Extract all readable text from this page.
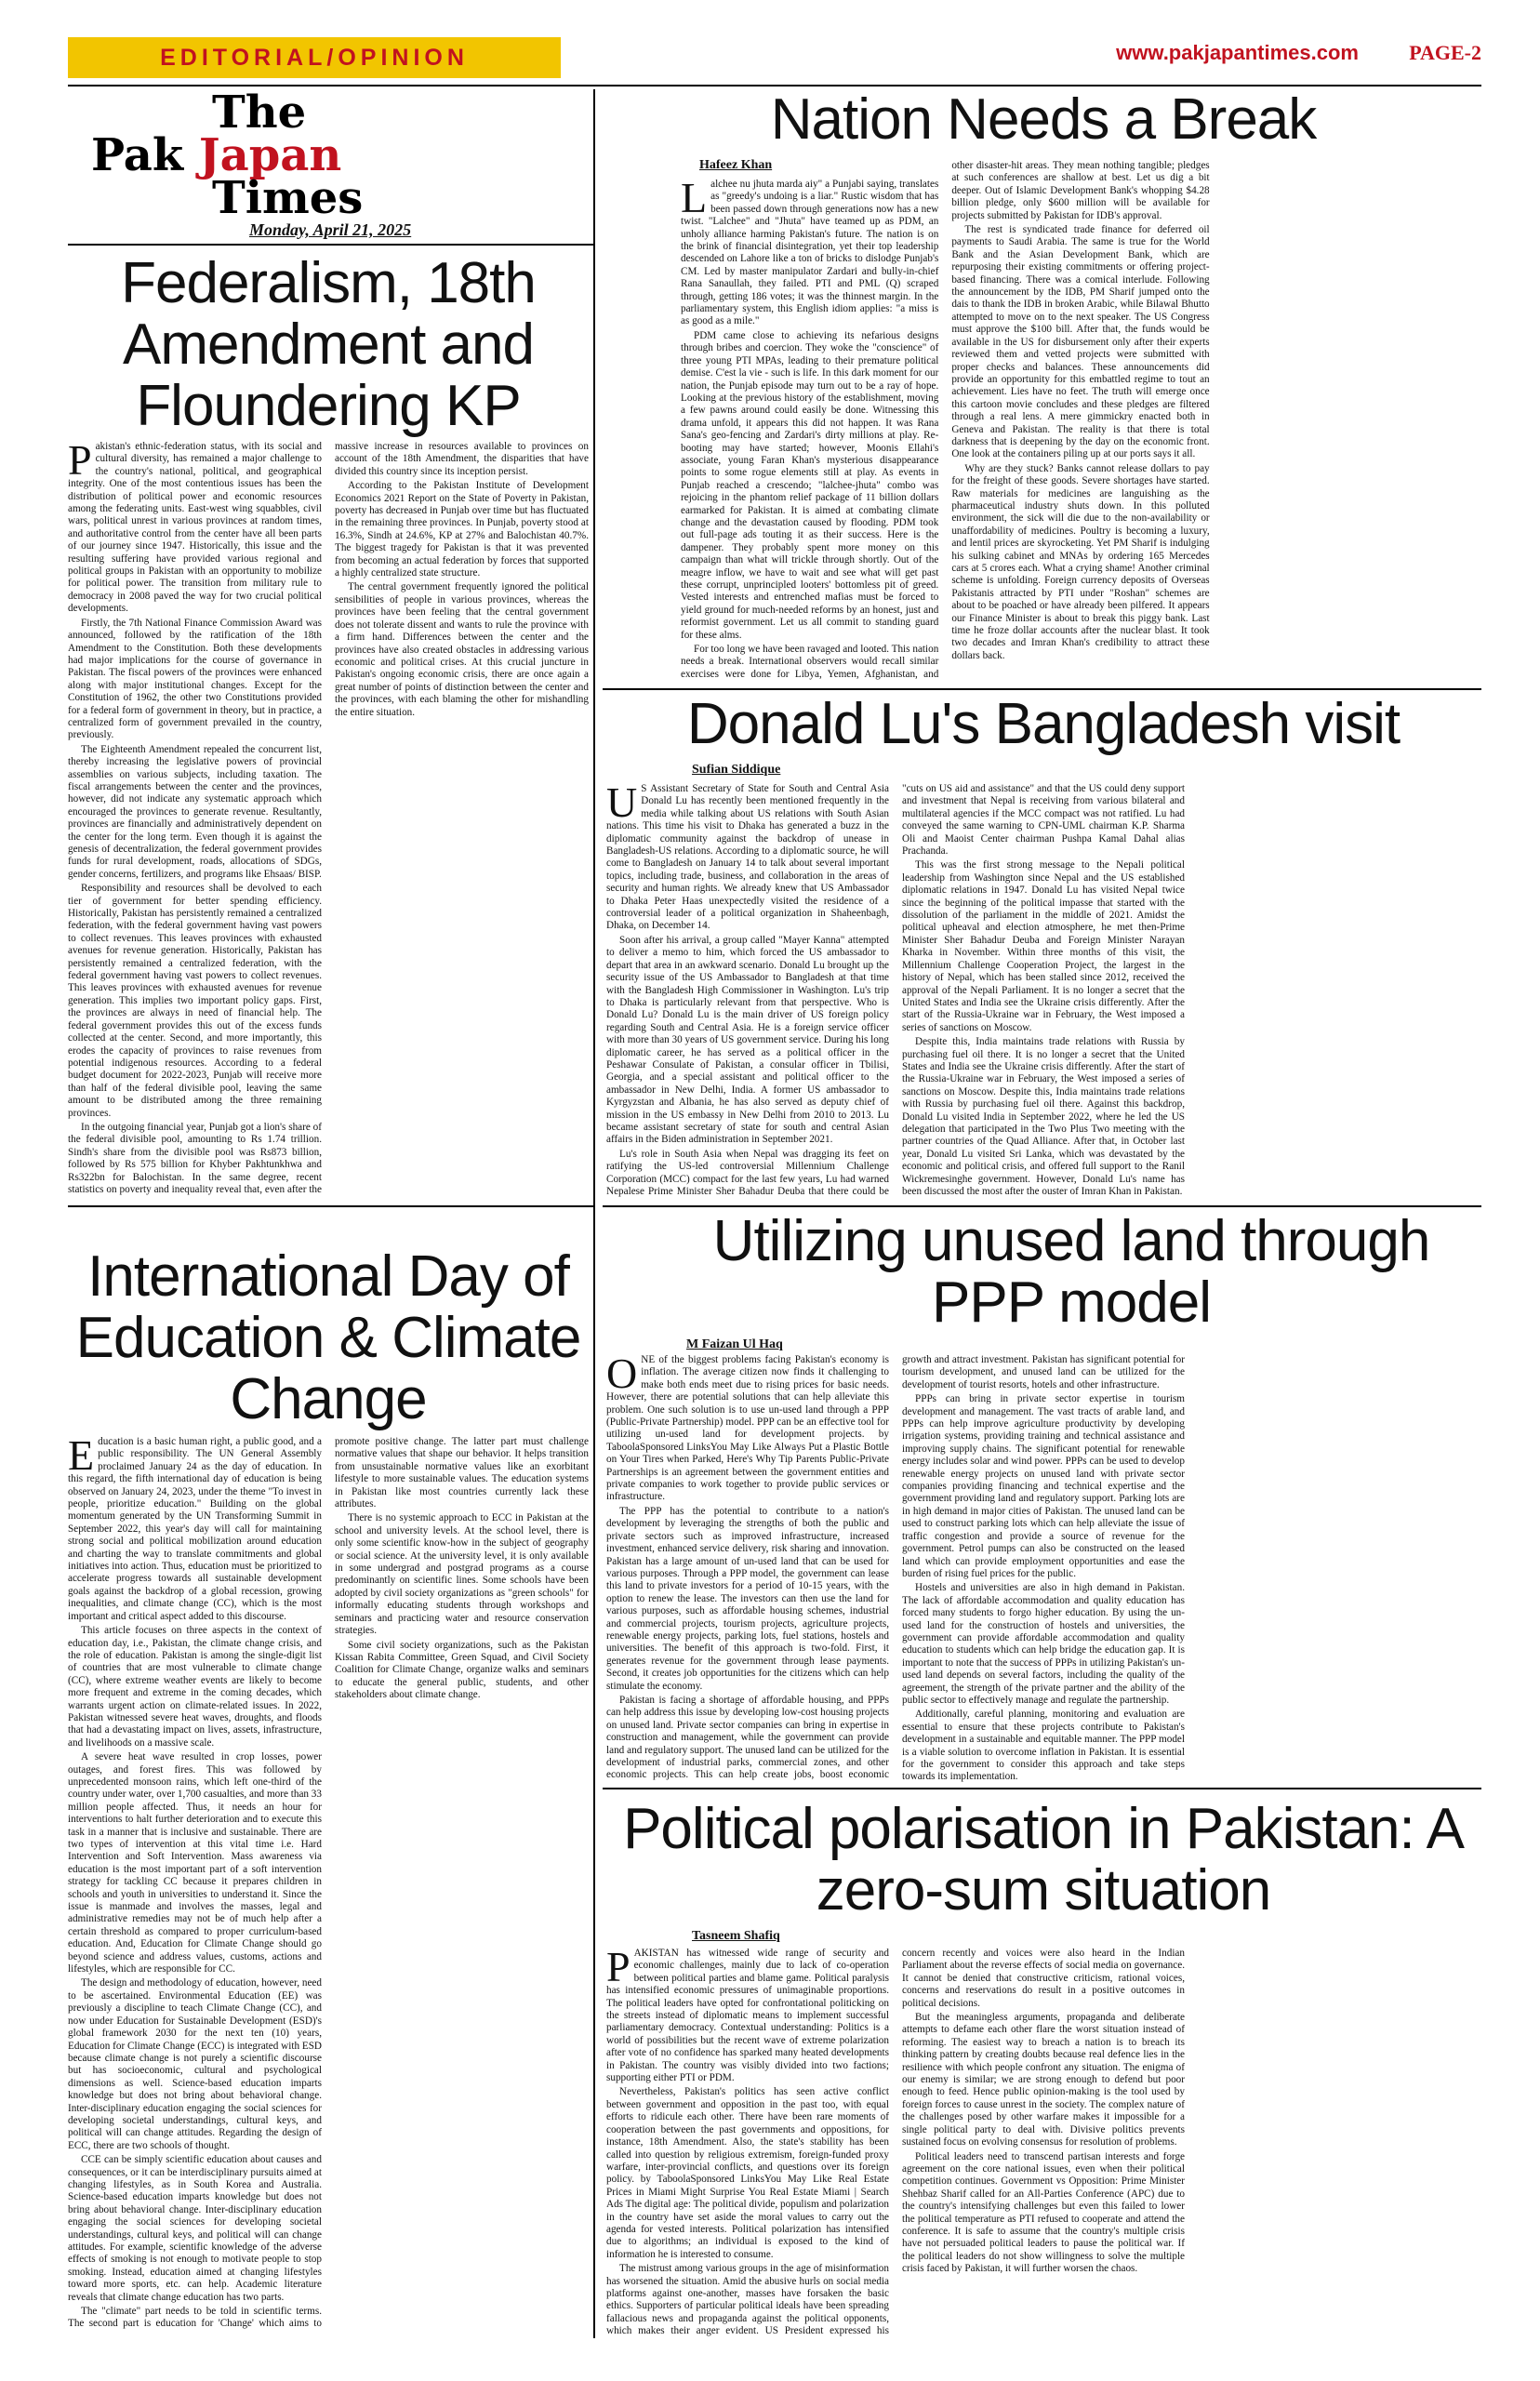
EDITORIAL/OPINION	www.pakjapantimes.com PAGE-2
The
Pak Japan
Times
Monday, April 21, 2025
Federalism, 18th Amendment and Floundering KP

Pakistan's ethnic-federation status, with its social and cultural diversity, has remained a major challenge to the country's national, political, and geographical integrity. One of the most contentious issues has been the distribution of political power and economic resources among the federating units. East-west wing squabbles, civil wars, political unrest in various provinces at random times, and authoritative control from the center have all been parts of our journey since 1947. Historically, this issue and the resulting suffering have provided various regional and political groups in Pakistan with an opportunity to mobilize for political power. The transition from military rule to democracy in 2008 paved the way for two crucial political developments.

Firstly, the 7th National Finance Commission Award was announced, followed by the ratification of the 18th Amendment to the Constitution. Both these developments had major implications for the course of governance in Pakistan. The fiscal powers of the provinces were enhanced along with major institutional changes. Except for the Constitution of 1962, the other two Constitutions provided for a federal form of government in theory, but in practice, a centralized form of government prevailed in the country, previously.

The Eighteenth Amendment repealed the concurrent list, thereby increasing the legislative powers of provincial assemblies on various subjects, including taxation. The fiscal arrangements between the center and the provinces, however, did not indicate any systematic approach which encouraged the provinces to generate revenue. Resultantly, provinces are financially and administratively dependent on the center for the long term. Even though it is against the genesis of decentralization, the federal government provides funds for rural development, roads, allocations of SDGs, gender concerns, fertilizers, and programs like Ehsaas/ BISP.

Responsibility and resources shall be devolved to each tier of government for better spending efficiency. Historically, Pakistan has persistently remained a centralized federation, with the federal government having vast powers to collect revenues. This leaves provinces with exhausted avenues for revenue generation. Historically, Pakistan has persistently remained a centralized federation, with the federal government having vast powers to collect revenues. This leaves provinces with exhausted avenues for revenue generation. This implies two important policy gaps. First, the provinces are always in need of financial help. The federal government provides this out of the excess funds collected at the center. Second, and more importantly, this erodes the capacity of provinces to raise revenues from potential indigenous resources. According to a federal budget document for 2022-2023, Punjab will receive more than half of the federal divisible pool, leaving the same amount to be distributed among the three remaining provinces.

In the outgoing financial year, Punjab got a lion's share of the federal divisible pool, amounting to Rs 1.74 trillion. Sindh's share from the divisible pool was Rs873 billion, followed by Rs 575 billion for Khyber Pakhtunkhwa and Rs322bn for Balochistan. In the same degree, recent statistics on poverty and inequality reveal that, even after the massive increase in resources available to provinces on account of the 18th Amendment, the disparities that have divided this country since its inception persist.

According to the Pakistan Institute of Development Economics 2021 Report on the State of Poverty in Pakistan, poverty has decreased in Punjab over time but has fluctuated in the remaining three provinces. In Punjab, poverty stood at 16.3%, Sindh at 24.6%, KP at 27% and Balochistan 40.7%. The biggest tragedy for Pakistan is that it was prevented from becoming an actual federation by forces that supported a highly centralized state structure.

The central government frequently ignored the political sensibilities of people in various provinces, whereas the provinces have been feeling that the central government does not tolerate dissent and wants to rule the province with a firm hand. Differences between the center and the provinces have also created obstacles in addressing various economic and political crises. At this crucial juncture in Pakistan's ongoing economic crisis, there are once again a great number of points of distinction between the center and the provinces, with each blaming the other for mishandling the entire situation.

Nation Needs a Break
Hafeez Khan

Lalchee nu jhuta marda aiy" a Punjabi saying, translates as "greedy's undoing is a liar." Rustic wisdom that has been passed down through generations now has a new twist. "Lalchee" and "Jhuta" have teamed up as PDM, an unholy alliance harming Pakistan's future. The nation is on the brink of financial disintegration, yet their top leadership descended on Lahore like a ton of bricks to dislodge Punjab's CM. Led by master manipulator Zardari and bully-in-chief Rana Sanaullah, they failed. PTI and PML (Q) scraped through, getting 186 votes; it was the thinnest margin. In the parliamentary system, this English idiom applies: "a miss is as good as a mile."

PDM came close to achieving its nefarious designs through bribes and coercion. They woke the "conscience" of three young PTI MPAs, leading to their premature political demise. C'est la vie - such is life. In this dark moment for our nation, the Punjab episode may turn out to be a ray of hope. Looking at the previous history of the establishment, moving a few pawns around could easily be done. Witnessing this drama unfold, it appears this did not happen. It was Rana Sana's geo-fencing and Zardari's dirty millions at play. Re-booting may have started; however, Moonis Ellahi's associate, young Faran Khan's mysterious disappearance points to some rogue elements still at play. As events in Punjab reached a crescendo; "lalchee-jhuta" combo was rejoicing in the phantom relief package of 11 billion dollars earmarked for Pakistan. It is aimed at combating climate change and the devastation caused by flooding. PDM took out full-page ads touting it as their success. Here is the dampener. They probably spent more money on this campaign than what will trickle through shortly. Out of the meagre inflow, we have to wait and see what will get past these corrupt, unprincipled looters' bottomless pit of greed. Vested interests and entrenched mafias must be forced to yield ground for much-needed reforms by an honest, just and reformist government. Let us all commit to standing guard for these alms.

For too long we have been ravaged and looted. This nation needs a break. International observers would recall similar exercises were done for Libya, Yemen, Afghanistan, and other disaster-hit areas. They mean nothing tangible; pledges at such conferences are shallow at best. Let us dig a bit deeper. Out of Islamic Development Bank's whopping $4.28 billion pledge, only $600 million will be available for projects submitted by Pakistan for IDB's approval.

The rest is syndicated trade finance for deferred oil payments to Saudi Arabia. The same is true for the World Bank and the Asian Development Bank, which are repurposing their existing commitments or offering project-based financing. There was a comical interlude. Following the announcement by the IDB, PM Sharif jumped onto the dais to thank the IDB in broken Arabic, while Bilawal Bhutto attempted to move on to the next speaker. The US Congress must approve the $100 bill. After that, the funds would be available in the US for disbursement only after their experts reviewed them and vetted projects were submitted with proper checks and balances. These announcements did provide an opportunity for this embattled regime to tout an achievement. Lies have no feet. The truth will emerge once this cartoon movie concludes and these pledges are filtered through a real lens. A mere gimmickry enacted both in Geneva and Pakistan. The reality is that there is total darkness that is deepening by the day on the economic front. One look at the containers piling up at our ports says it all.

Why are they stuck? Banks cannot release dollars to pay for the freight of these goods. Severe shortages have started. Raw materials for medicines are languishing as the pharmaceutical industry shuts down. In this polluted environment, the sick will die due to the non-availability or unaffordability of medicines. Poultry is becoming a luxury, and lentil prices are skyrocketing. Yet PM Sharif is indulging his sulking cabinet and MNAs by ordering 165 Mercedes cars at 5 crores each. What a crying shame! Another criminal scheme is unfolding. Foreign currency deposits of Overseas Pakistanis attracted by PTI under "Roshan" schemes are about to be poached or have already been pilfered. It appears our Finance Minister is about to break this piggy bank. Last time he froze dollar accounts after the nuclear blast. It took two decades and Imran Khan's credibility to attract these dollars back.

Donald Lu's Bangladesh visit
Sufian Siddique

U S Assistant Secretary of State for South and Central Asia Donald Lu has recently been mentioned frequently in the media while talking about US relations with South Asian nations. This time his visit to Dhaka has generated a buzz in the diplomatic community against the backdrop of unease in Bangladesh-US relations. According to a diplomatic source, he will come to Bangladesh on January 14 to talk about several important topics, including trade, business, and collaboration in the areas of security and human rights. We already knew that US Ambassador to Dhaka Peter Haas unexpectedly visited the residence of a controversial leader of a political organization in Shaheenbagh, Dhaka, on December 14.

Soon after his arrival, a group called "Mayer Kanna" attempted to deliver a memo to him, which forced the US ambassador to depart that area in an awkward scenario. Donald Lu brought up the security issue of the US Ambassador to Bangladesh at that time with the Bangladesh High Commissioner in Washington. Lu's trip to Dhaka is particularly relevant from that perspective. Who is Donald Lu? Donald Lu is the main driver of US foreign policy regarding South and Central Asia. He is a foreign service officer with more than 30 years of US government service. During his long diplomatic career, he has served as a political officer in the Peshawar Consulate of Pakistan, a consular officer in Tbilisi, Georgia, and a special assistant and political officer to the ambassador in New Delhi, India. A former US ambassador to Kyrgyzstan and Albania, he has also served as deputy chief of mission in the US embassy in New Delhi from 2010 to 2013. Lu became assistant secretary of state for south and central Asian affairs in the Biden administration in September 2021.

Lu's role in South Asia when Nepal was dragging its feet on ratifying the US-led controversial Millennium Challenge Corporation (MCC) compact for the last few years, Lu had warned Nepalese Prime Minister Sher Bahadur Deuba that there could be "cuts on US aid and assistance" and that the US could deny support and investment that Nepal is receiving from various bilateral and multilateral agencies if the MCC compact was not ratified. Lu had conveyed the same warning to CPN-UML chairman K.P. Sharma Oli and Maoist Center chairman Pushpa Kamal Dahal alias Prachanda.

This was the first strong message to the Nepali political leadership from Washington since Nepal and the US established diplomatic relations in 1947. Donald Lu has visited Nepal twice since the beginning of the political impasse that started with the dissolution of the parliament in the middle of 2021. Amidst the political upheaval and election atmosphere, he met then-Prime Minister Sher Bahadur Deuba and Foreign Minister Narayan Kharka in November. Within three months of this visit, the Millennium Challenge Cooperation Project, the largest in the history of Nepal, which has been stalled since 2012, received the approval of the Nepali Parliament. It is no longer a secret that the United States and India see the Ukraine crisis differently. After the start of the Russia-Ukraine war in February, the West imposed a series of sanctions on Moscow.

Despite this, India maintains trade relations with Russia by purchasing fuel oil there. It is no longer a secret that the United States and India see the Ukraine crisis differently. After the start of the Russia-Ukraine war in February, the West imposed a series of sanctions on Moscow. Despite this, India maintains trade relations with Russia by purchasing fuel oil there. Against this backdrop, Donald Lu visited India in September 2022, where he led the US delegation that participated in the Two Plus Two meeting with the partner countries of the Quad Alliance. After that, in October last year, Donald Lu visited Sri Lanka, which was devastated by the economic and political crisis, and offered full support to the Ranil Wickremesinghe government. However, Donald Lu's name has been discussed the most after the ouster of Imran Khan in Pakistan.

International Day of Education & Climate Change

Education is a basic human right, a public good, and a public responsibility. The UN General Assembly proclaimed January 24 as the day of education. In this regard, the fifth international day of education is being observed on January 24, 2023, under the theme "To invest in people, prioritize education." Building on the global momentum generated by the UN Transforming Summit in September 2022, this year's day will call for maintaining strong social and political mobilization around education and charting the way to translate commitments and global initiatives into action. Thus, education must be prioritized to accelerate progress towards all sustainable development goals against the backdrop of a global recession, growing inequalities, and climate change (CC), which is the most important and critical aspect added to this discourse.

This article focuses on three aspects in the context of education day, i.e., Pakistan, the climate change crisis, and the role of education. Pakistan is among the single-digit list of countries that are most vulnerable to climate change (CC), where extreme weather events are likely to become more frequent and extreme in the coming decades, which warrants urgent action on climate-related issues. In 2022, Pakistan witnessed severe heat waves, droughts, and floods that had a devastating impact on lives, assets, infrastructure, and livelihoods on a massive scale.

A severe heat wave resulted in crop losses, power outages, and forest fires. This was followed by unprecedented monsoon rains, which left one-third of the country under water, over 1,700 casualties, and more than 33 million people affected. Thus, it needs an hour for interventions to halt further deterioration and to execute this task in a manner that is inclusive and sustainable. There are two types of intervention at this vital time i.e. Hard Intervention and Soft Intervention. Mass awareness via education is the most important part of a soft intervention strategy for tackling CC because it prepares children in schools and youth in universities to understand it. Since the issue is manmade and involves the masses, legal and administrative remedies may not be of much help after a certain threshold as compared to proper curriculum-based education. And, Education for Climate Change should go beyond science and address values, customs, actions and lifestyles, which are responsible for CC.

The design and methodology of education, however, need to be ascertained. Environmental Education (EE) was previously a discipline to teach Climate Change (CC), and now under Education for Sustainable Development (ESD)'s global framework 2030 for the next ten (10) years, Education for Climate Change (ECC) is integrated with ESD because climate change is not purely a scientific discourse but has socioeconomic, cultural and psychological dimensions as well. Science-based education imparts knowledge but does not bring about behavioral change. Inter-disciplinary education engaging the social sciences for developing societal understandings, cultural keys, and political will can change attitudes. Regarding the design of ECC, there are two schools of thought.

CCE can be simply scientific education about causes and consequences, or it can be interdisciplinary pursuits aimed at changing lifestyles, as in South Korea and Australia. Science-based education imparts knowledge but does not bring about behavioral change. Inter-disciplinary education engaging the social sciences for developing societal understandings, cultural keys, and political will can change attitudes. For example, scientific knowledge of the adverse effects of smoking is not enough to motivate people to stop smoking. Instead, education aimed at changing lifestyles toward more sports, etc. can help. Academic literature reveals that climate change education has two parts.

The "climate" part needs to be told in scientific terms. The second part is education for 'Change' which aims to promote positive change. The latter part must challenge normative values that shape our behavior. It helps transition from unsustainable normative values like an exorbitant lifestyle to more sustainable values. The education systems in Pakistan like most countries currently lack these attributes.

There is no systemic approach to ECC in Pakistan at the school and university levels. At the school level, there is only some scientific know-how in the subject of geography or social science. At the university level, it is only available in some undergrad and postgrad programs as a course predominantly on scientific lines. Some schools have been adopted by civil society organizations as "green schools" for informally educating students through workshops and seminars and practicing water and resource conservation strategies.

Some civil society organizations, such as the Pakistan Kissan Rabita Committee, Green Squad, and Civil Society Coalition for Climate Change, organize walks and seminars to educate the general public, students, and other stakeholders about climate change.

Utilizing unused land through PPP model
M Faizan Ul Haq

ONE of the biggest problems facing Pakistan's economy is inflation. The average citizen now finds it challenging to make both ends meet due to rising prices for basic needs. However, there are potential solutions that can help alleviate this problem. One such solution is to use un-used land through a PPP (Public-Private Partnership) model. PPP can be an effective tool for utilizing un-used land for development projects. by TaboolaSponsored LinksYou May Like Always Put a Plastic Bottle on Your Tires when Parked, Here's Why Tip Parents Public-Private Partnerships is an agreement between the government entities and private companies to work together to provide public services or infrastructure.

The PPP has the potential to contribute to a nation's development by leveraging the strengths of both the public and private sectors such as improved infrastructure, increased investment, enhanced service delivery, risk sharing and innovation. Pakistan has a large amount of un-used land that can be used for various purposes. Through a PPP model, the government can lease this land to private investors for a period of 10-15 years, with the option to renew the lease. The investors can then use the land for various purposes, such as affordable housing schemes, industrial and commercial projects, tourism projects, agriculture projects, renewable energy projects, parking lots, fuel stations, hostels and universities. The benefit of this approach is two-fold. First, it generates revenue for the government through lease payments. Second, it creates job opportunities for the citizens which can help stimulate the economy.

Pakistan is facing a shortage of affordable housing, and PPPs can help address this issue by developing low-cost housing projects on unused land. Private sector companies can bring in expertise in construction and management, while the government can provide land and regulatory support. The unused land can be utilized for the development of industrial parks, commercial zones, and other economic projects. This can help create jobs, boost economic growth and attract investment. Pakistan has significant potential for tourism development, and unused land can be utilized for the development of tourist resorts, hotels and other infrastructure.

PPPs can bring in private sector expertise in tourism development and management. The vast tracts of arable land, and PPPs can help improve agriculture productivity by developing irrigation systems, providing training and technical assistance and improving supply chains. The significant potential for renewable energy includes solar and wind power. PPPs can be used to develop renewable energy projects on unused land with private sector companies providing financing and technical expertise and the government providing land and regulatory support. Parking lots are in high demand in major cities of Pakistan. The unused land can be used to construct parking lots which can help alleviate the issue of traffic congestion and provide a source of revenue for the government. Petrol pumps can also be constructed on the leased land which can provide employment opportunities and ease the burden of rising fuel prices for the public.

Hostels and universities are also in high demand in Pakistan. The lack of affordable accommodation and quality education has forced many students to forgo higher education. By using the un-used land for the construction of hostels and universities, the government can provide affordable accommodation and quality education to students which can help bridge the education gap. It is important to note that the success of PPPs in utilizing Pakistan's un-used land depends on several factors, including the quality of the agreement, the strength of the private partner and the ability of the public sector to effectively manage and regulate the partnership.

Additionally, careful planning, monitoring and evaluation are essential to ensure that these projects contribute to Pakistan's development in a sustainable and equitable manner. The PPP model is a viable solution to overcome inflation in Pakistan. It is essential for the government to consider this approach and take steps towards its implementation.

Political polarisation in Pakistan: A zero-sum situation
Tasneem Shafiq

PAKISTAN has witnessed wide range of security and economic challenges, mainly due to lack of co-operation between political parties and blame game. Political paralysis has intensified economic pressures of unimaginable proportions. The political leaders have opted for confrontational politicking on the streets instead of diplomatic means to implement successful parliamentary democracy. Contextual understanding: Politics is a world of possibilities but the recent wave of extreme polarization after vote of no confidence has sparked many heated developments in Pakistan. The country was visibly divided into two factions; supporting either PTI or PDM.

Nevertheless, Pakistan's politics has seen active conflict between government and opposition in the past too, with equal efforts to ridicule each other. There have been rare moments of cooperation between the past governments and oppositions, for instance, 18th Amendment. Also, the state's stability has been called into question by religious extremism, foreign-funded proxy warfare, inter-provincial conflicts, and questions over its foreign policy. by TaboolaSponsored LinksYou May Like Real Estate Prices in Miami Might Surprise You Real Estate Miami | Search Ads The digital age: The political divide, populism and polarization in the country have set aside the moral values to carry out the agenda for vested interests. Political polarization has intensified due to algorithms; an individual is exposed to the kind of information he is interested to consume.

The mistrust among various groups in the age of misinformation has worsened the situation. Amid the abusive hurls on social media platforms against one-another, masses have forsaken the basic ethics. Supporters of particular political ideals have been spreading fallacious news and propaganda against the political opponents, which makes their anger evident. US President expressed his concern recently and voices were also heard in the Indian Parliament about the reverse effects of social media on governance. It cannot be denied that constructive criticism, rational voices, concerns and reservations do result in a positive outcomes in political decisions.

But the meaningless arguments, propaganda and deliberate attempts to defame each other flare the worst situation instead of reforming. The easiest way to breach a nation is to breach its thinking pattern by creating doubts because real defence lies in the resilience with which people confront any situation. The enigma of our enemy is similar; we are strong enough to defend but poor enough to feed. Hence public opinion-making is the tool used by foreign forces to cause unrest in the society. The complex nature of the challenges posed by other warfare makes it impossible for a single political party to deal with. Divisive politics prevents sustained focus on evolving consensus for resolution of problems.

Political leaders need to transcend partisan interests and forge agreement on the core national issues, even when their political competition continues. Government vs Opposition: Prime Minister Shehbaz Sharif called for an All-Parties Conference (APC) due to the country's intensifying challenges but even this failed to lower the political temperature as PTI refused to cooperate and attend the conference. It is safe to assume that the country's multiple crisis have not persuaded political leaders to pause the political war. If the political leaders do not show willingness to solve the multiple crisis faced by Pakistan, it will further worsen the chaos.
